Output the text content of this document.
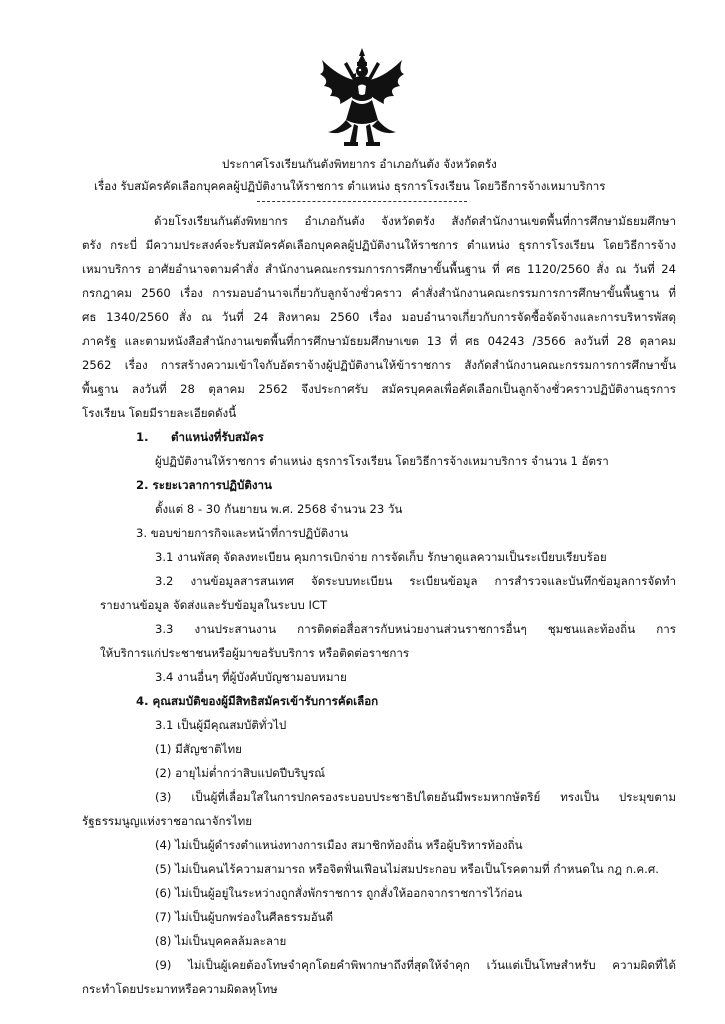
ประกาศโรงเรียนกันตังพิทยากร อำเภอกันตัง จังหวัดตรัง
เรื่อง รับสมัครคัดเลือกบุคคลผู้ปฏิบัติงานให้ราชการ ตำแหน่ง ธุรการโรงเรียน โดยวิธีการจ้างเหมาบริการ
ด้วยโรงเรียนกันตังพิทยากร อำเภอกันตัง จังหวัดตรัง สังกัดสำนักงานเขตพื้นที่การศึกษามัธยมศึกษา
ตรัง กระบี่ มีความประสงค์จะรับสมัครคัดเลือกบุคคลผู้ปฏิบัติงานให้ราชการ ตำแหน่ง ธุรการโรงเรียน โดยวิธีการจ้าง
เหมาบริการ อาศัยอำนาจตามคำสั่ง สำนักงานคณะกรรมการการศึกษาขั้นพื้นฐาน ที่ ศธ 1120/2560 สั่ง ณ วันที่ 24
กรกฎาคม 2560 เรื่อง การมอบอำนาจเกี่ยวกับลูกจ้างชั่วคราว คำสั่งสำนักงานคณะกรรมการการศึกษาขั้นพื้นฐาน ที่
ศธ 1340/2560 สั่ง ณ วันที่ 24 สิงหาคม 2560 เรื่อง มอบอำนาจเกี่ยวกับการจัดซื้อจัดจ้างและการบริหารพัสดุ
ภาครัฐ และตามหนังสือสำนักงานเขตพื้นที่การศึกษามัธยมศึกษาเขต 13 ที่ ศธ 04243 /3566 ลงวันที่ 28 ตุลาคม
2562 เรื่อง การสร้างความเข้าใจกับอัตราจ้างผู้ปฏิบัติงานให้ข้าราชการ สังกัดสำนักงานคณะกรรมการการศึกษาขั้น
พื้นฐาน ลงวันที่ 28 ตุลาคม 2562 จึงประกาศรับ สมัครบุคคลเพื่อคัดเลือกเป็นลูกจ้างชั่วคราวปฏิบัติงานธุรการ
โรงเรียน โดยมีรายละเอียดดังนี้
1. ตำแหน่งที่รับสมัคร
ผู้ปฏิบัติงานให้ราชการ ตำแหน่ง ธุรการโรงเรียน โดยวิธีการจ้างเหมาบริการ จำนวน 1 อัตรา
2. ระยะเวลาการปฏิบัติงาน
ตั้งแต่ 8 - 30 กันยายน พ.ศ. 2568 จำนวน 23 วัน
3. ขอบข่ายการกิจและหน้าที่การปฏิบัติงาน
3.1 งานพัสดุ จัดลงทะเบียน คุมการเบิกจ่าย การจัดเก็บ รักษาดูแลความเป็นระเบียบเรียบร้อย
3.2 งานข้อมูลสารสนเทศ จัดระบบทะเบียน ระเบียนข้อมูล การสำรวจและบันทึกข้อมูลการจัดทำ
รายงานข้อมูล จัดส่งและรับข้อมูลในระบบ ICT
3.3 งานประสานงาน การติดต่อสื่อสารกับหน่วยงานส่วนราชการอื่นๆ ชุมชนและท้องถิ่น การ
ให้บริการแก่ประชาชนหรือผู้มาขอรับบริการ หรือติดต่อราชการ
3.4 งานอื่นๆ ที่ผู้บังคับบัญชามอบหมาย
4. คุณสมบัติของผู้มีสิทธิสมัครเข้ารับการคัดเลือก
3.1 เป็นผู้มีคุณสมบัติทั่วไป
(1) มีสัญชาติไทย
(2) อายุไม่ต่ำกว่าสิบแปดปีบริบูรณ์
(3) เป็นผู้ที่เลื่อมใสในการปกครองระบอบประชาธิปไตยอันมีพระมหากษัตริย์ ทรงเป็น ประมุขตาม
รัฐธรรมนูญแห่งราชอาณาจักรไทย
(4) ไม่เป็นผู้ดำรงตำแหน่งทางการเมือง สมาชิกท้องถิ่น หรือผู้บริหารท้องถิ่น
(5) ไม่เป็นคนไร้ความสามารถ หรือจิตฟั่นเฟือนไม่สมประกอบ หรือเป็นโรคตามที่ กำหนดใน กฎ ก.ค.ศ.
(6) ไม่เป็นผู้อยู่ในระหว่างถูกสั่งพักราชการ ถูกสั่งให้ออกจากราชการไว้ก่อน
(7) ไม่เป็นผู้บกพร่องในศีลธรรมอันดี
(8) ไม่เป็นบุคคลล้มละลาย
(9) ไม่เป็นผู้เคยต้องโทษจำคุกโดยคำพิพากษาถึงที่สุดให้จำคุก เว้นแต่เป็นโทษสำหรับ ความผิดที่ได้
กระทำโดยประมาทหรือความผิดลหุโทษ
